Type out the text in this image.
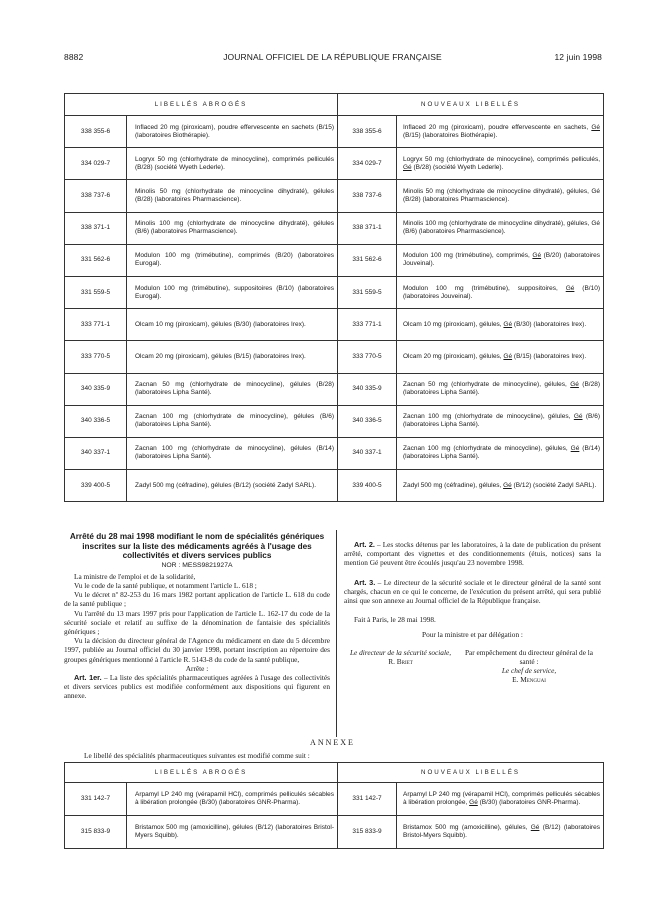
8882	JOURNAL OFFICIEL DE LA RÉPUBLIQUE FRANÇAISE	12 juin 1998
LIBELLÉS ABROGÉS		NOUVEAUX LIBELLÉS	
338 355-6	Inflaced 20 mg (piroxicam), poudre effervescente en sachets (B/15) (laboratoires Biothérapie).	338 355-6	Inflaced 20 mg (piroxicam), poudre effervescente en sachets, Gé (B/15) (laboratoires Biothérapie).
334 029-7	Logryx 50 mg (chlorhydrate de minocycline), comprimés pelliculés (B/28) (société Wyeth Lederle).	334 029-7	Logryx 50 mg (chlorhydrate de minocycline), comprimés pelliculés, Gé (B/28) (société Wyeth Lederle).
338 737-6	Minolis 50 mg (chlorhydrate de minocycline dihydraté), gélules (B/28) (laboratoires Pharmascience).	338 737-6	Minolis 50 mg (chlorhydrate de minocycline dihydraté), gélules, Gé (B/28) (laboratoires Pharmascience).
338 371-1	Minolis 100 mg (chlorhydrate de minocycline dihydraté), gélules (B/6) (laboratoires Pharmascience).	338 371-1	Minolis 100 mg (chlorhydrate de minocycline dihydraté), gélules, Gé (B/6) (laboratoires Pharmascience).
331 562-6	Modulon 100 mg (trimébutine), comprimés (B/20) (laboratoires Eurogal).	331 562-6	Modulon 100 mg (trimébutine), comprimés, Gé (B/20) (laboratoires Jouveinal).
331 559-5	Modulon 100 mg (trimébutine), suppositoires (B/10) (laboratoires Eurogal).	331 559-5	Modulon 100 mg (trimébutine), suppositoires, Gé (B/10) (laboratoires Jouveinal).
333 771-1	Olcam 10 mg (piroxicam), gélules (B/30) (laboratoires Irex).	333 771-1	Olcam 10 mg (piroxicam), gélules, Gé (B/30) (laboratoires Irex).
333 770-5	Olcam 20 mg (piroxicam), gélules (B/15) (laboratoires Irex).	333 770-5	Olcam 20 mg (piroxicam), gélules, Gé (B/15) (laboratoires Irex).
340 335-9	Zacnan 50 mg (chlorhydrate de minocycline), gélules (B/28) (laboratoires Lipha Santé).	340 335-9	Zacnan 50 mg (chlorhydrate de minocycline), gélules, Gé (B/28) (laboratoires Lipha Santé).
340 336-5	Zacnan 100 mg (chlorhydrate de minocycline), gélules (B/6) (laboratoires Lipha Santé).	340 336-5	Zacnan 100 mg (chlorhydrate de minocycline), gélules, Gé (B/6) (laboratoires Lipha Santé).
340 337-1	Zacnan 100 mg (chlorhydrate de minocycline), gélules (B/14) (laboratoires Lipha Santé).	340 337-1	Zacnan 100 mg (chlorhydrate de minocycline), gélules, Gé (B/14) (laboratoires Lipha Santé).
339 400-5	Zadyl 500 mg (céfradine), gélules (B/12) (société Zadyl SARL).	339 400-5	Zadyl 500 mg (céfradine), gélules, Gé (B/12) (société Zadyl SARL).

Arrêté du 28 mai 1998 modifiant le nom de spécialités génériques inscrites sur la liste des médicaments agréés à l'usage des collectivités et divers services publics

NOR : MESS9821927A

La ministre de l'emploi et de la solidarité,

Vu le code de la santé publique, et notamment l'article L. 618 ;

Vu le décret nº 82-253 du 16 mars 1982 portant application de l'article L. 618 du code de la santé publique ;

Vu l'arrêté du 13 mars 1997 pris pour l'application de l'article L. 162-17 du code de la sécurité sociale et relatif au suffixe de la dénomination de fantaisie des spécialités génériques ;

Vu la décision du directeur général de l'Agence du médicament en date du 5 décembre 1997, publiée au Journal officiel du 30 janvier 1998, portant inscription au répertoire des groupes génériques mentionné à l'article R. 5143-8 du code de la santé publique,

Arrête :

Art. 1er. – La liste des spécialités pharmaceutiques agréées à l'usage des collectivités et divers services publics est modifiée conformément aux dispositions qui figurent en annexe.

Art. 2. – Les stocks détenus par les laboratoires, à la date de publication du présent arrêté, comportant des vignettes et des conditionnements (étuis, notices) sans la mention Gé peuvent être écoulés jusqu'au 23 novembre 1998.

Art. 3. – Le directeur de la sécurité sociale et le directeur général de la santé sont chargés, chacun en ce qui le concerne, de l'exécution du présent arrêté, qui sera publié ainsi que son annexe au Journal officiel de la République française.

Fait à Paris, le 28 mai 1998.

Pour la ministre et par délégation :

Le directeur de la sécurité sociale,
R. Briet
Par empêchement du directeur général de la santé :
Le chef de service,
E. Menguai
ANNEXE
Le libellé des spécialités pharmaceutiques suivantes est modifié comme suit :
LIBELLÉS ABROGÉS		NOUVEAUX LIBELLÉS	
331 142-7	Arpamyl LP 240 mg (vérapamil HCl), comprimés pelliculés sécables à libération prolongée (B/30) (laboratoires GNR-Pharma).	331 142-7	Arpamyl LP 240 mg (vérapamil HCl), comprimés pelliculés sécables à libération prolongée, Gé (B/30) (laboratoires GNR-Pharma).
315 833-9	Bristamox 500 mg (amoxicilline), gélules (B/12) (laboratoires Bristol-Myers Squibb).	315 833-9	Bristamox 500 mg (amoxicilline), gélules, Gé (B/12) (laboratoires Bristol-Myers Squibb).
